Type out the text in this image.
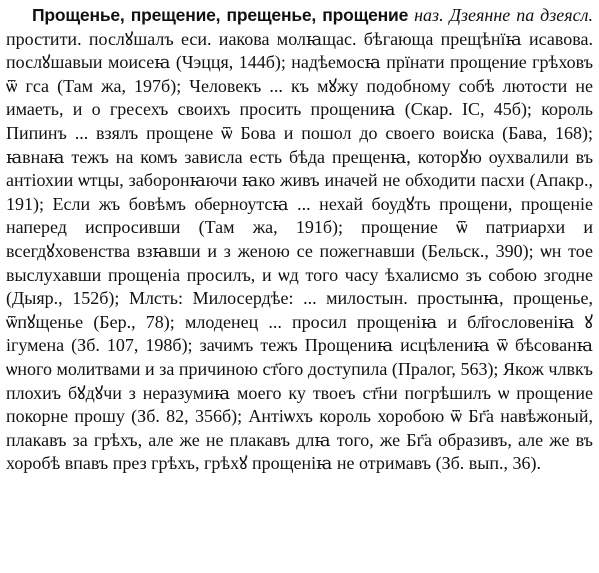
Прощенье, прещение, прещенье, прощение наз. Дзеянне па дзеясл. простити. послꙋшалъ еси. иакова молꙗщас. бѣгающа прещѣнїꙗ исавова. послꙋшавыи моисеꙗ (Чэцця, 144б); надѣемосꙗ прїнати прощение грѣховъ ѿ гса (Там жа, 197б); Человекъ ... къ мꙋжу подобному собѣ лютости не имаеть, и о гресехъ своихъ просить прощениꙗ (Скар. ІС, 45б); король Пипинъ ... взялъ прощене ѿ Бова и пошол до своего воиска (Бава, 168); ꙗвнаꙗ тежъ на комъ зависла есть бѣда прещенꙗ, которꙋю оухвалили въ антіохии ѡтцы, заборонꙗючи ꙗко живъ иначей не обходити пасхи (Апакр., 191); Если жъ бовѣмъ оберноутсꙗ ... нехай боудꙋть прощени, прощеніе наперед испросивши (Там жа, 191б); прощение ѿ патриархи и всегдꙋховенства взꙗвши и з женою се пожегнавши (Бельск., 390); ѡн тое выслухавши прощеніа просилъ, и ѡд того часу ѣхалисмо зъ собою згодне (Дыяр., 152б); Млсть: Милосердѣе: ... милостын. простынꙗ, прощенье, ѿпꙋщенье (Бер., 78); млоденец ... просил прощеніꙗ и бл҃гословеніꙗ ꙋ ігумена (Зб. 107, 198б); зачимъ тежъ Прощениꙗ исцѣлениꙗ ѿ бѣсованꙗ ѡного молитвами и за причиною ст҃ого доступила (Пралог, 563); Якож члвкъ плохиъ бꙋдꙋчи з неразумиꙗ моего ку твоеъ ст҃ни погрѣшилъ ѡ прощение покорне прошу (Зб. 82, 356б); Антіѡхъ король хоробою ѿ Бг҃а навѣжоный, плакавъ за грѣхъ, але же не плакавъ длꙗ того, же Бг҃а образивъ, але же въ хоробѣ впавъ през грѣхъ, грѣхꙋ прощеніꙗ не отримавъ (Зб. вып., 36).
